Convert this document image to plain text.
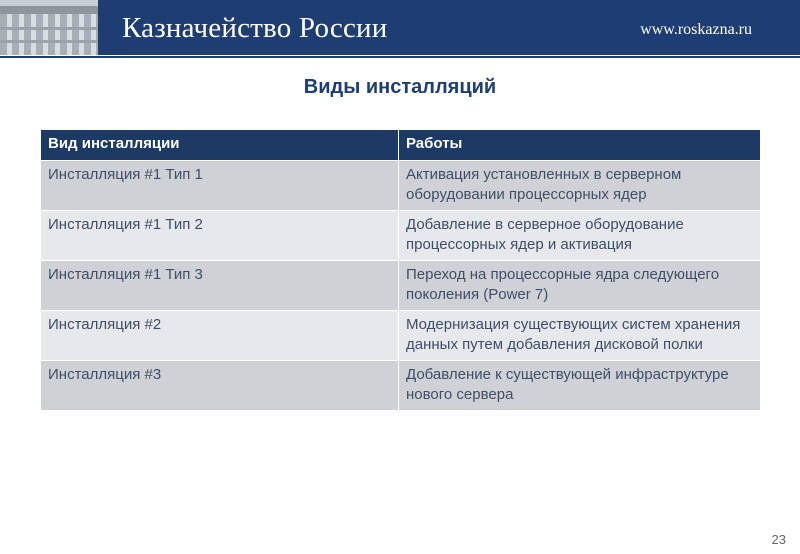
Казначейство России	www.roskazna.ru
Виды инсталляций
Вид инсталляции	Работы
Инсталляция #1 Тип 1	Активация установленных в серверном оборудовании процессорных ядер
Инсталляция #1 Тип 2	Добавление в серверное оборудование процессорных ядер и активация
Инсталляция #1 Тип 3	Переход на процессорные ядра следующего поколения (Power 7)
Инсталляция #2	Модернизация существующих систем хранения данных путем добавления дисковой полки
Инсталляция #3	Добавление к существующей инфраструктуре нового сервера
23
